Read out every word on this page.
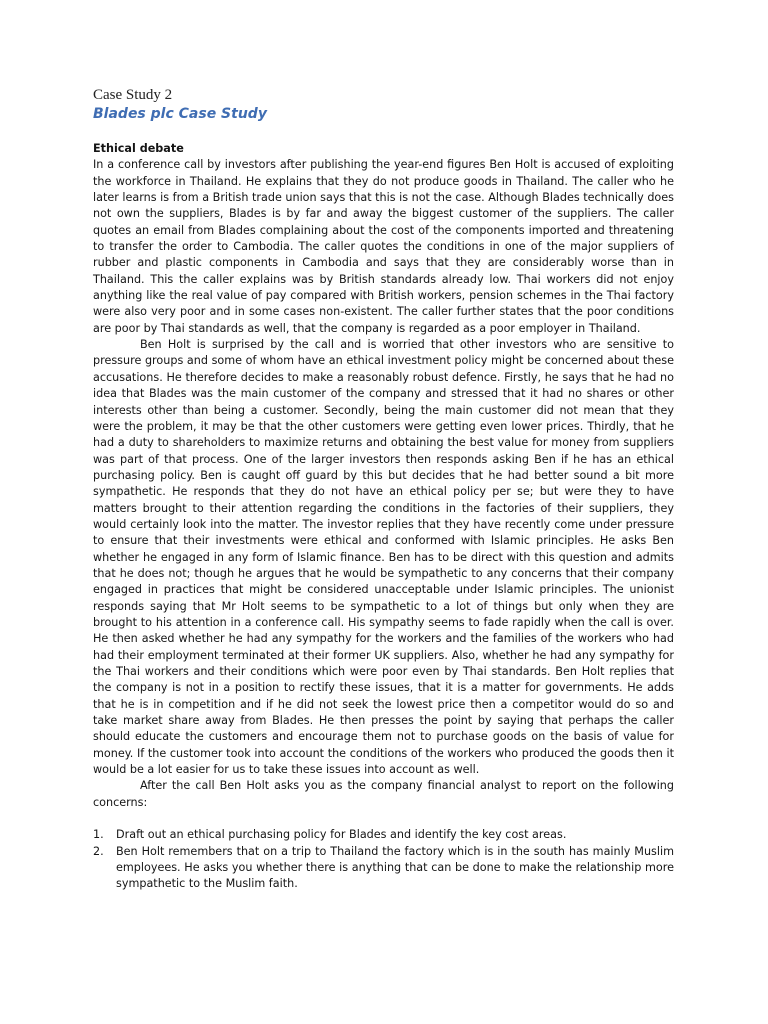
Case Study 2

Blades plc Case Study

Ethical debate

In a conference call by investors after publishing the year-end figures Ben Holt is accused of exploiting the workforce in Thailand. He explains that they do not produce goods in Thailand. The caller who he later learns is from a British trade union says that this is not the case. Although Blades technically does not own the suppliers, Blades is by far and away the biggest customer of the suppliers. The caller quotes an email from Blades complaining about the cost of the components imported and threatening to transfer the order to Cambodia. The caller quotes the conditions in one of the major suppliers of rubber and plastic components in Cambodia and says that they are considerably worse than in Thailand. This the caller explains was by British standards already low. Thai workers did not enjoy anything like the real value of pay compared with British workers, pension schemes in the Thai factory were also very poor and in some cases non-existent. The caller further states that the poor conditions are poor by Thai standards as well, that the company is regarded as a poor employer in Thailand.

Ben Holt is surprised by the call and is worried that other investors who are sensitive to pressure groups and some of whom have an ethical investment policy might be concerned about these accusations. He therefore decides to make a reasonably robust defence. Firstly, he says that he had no idea that Blades was the main customer of the company and stressed that it had no shares or other interests other than being a customer. Secondly, being the main customer did not mean that they were the problem, it may be that the other customers were getting even lower prices. Thirdly, that he had a duty to shareholders to maximize returns and obtaining the best value for money from suppliers was part of that process. One of the larger investors then responds asking Ben if he has an ethical purchasing policy. Ben is caught off guard by this but decides that he had better sound a bit more sympathetic. He responds that they do not have an ethical policy per se; but were they to have matters brought to their attention regarding the conditions in the factories of their suppliers, they would certainly look into the matter. The investor replies that they have recently come under pressure to ensure that their investments were ethical and conformed with Islamic principles. He asks Ben whether he engaged in any form of Islamic finance. Ben has to be direct with this question and admits that he does not; though he argues that he would be sympathetic to any concerns that their company engaged in practices that might be considered unacceptable under Islamic principles. The unionist responds saying that Mr Holt seems to be sympathetic to a lot of things but only when they are brought to his attention in a conference call. His sympathy seems to fade rapidly when the call is over. He then asked whether he had any sympathy for the workers and the families of the workers who had had their employment terminated at their former UK suppliers. Also, whether he had any sympathy for the Thai workers and their conditions which were poor even by Thai standards. Ben Holt replies that the company is not in a position to rectify these issues, that it is a matter for governments. He adds that he is in competition and if he did not seek the lowest price then a competitor would do so and take market share away from Blades. He then presses the point by saying that perhaps the caller should educate the customers and encourage them not to purchase goods on the basis of value for money. If the customer took into account the conditions of the workers who produced the goods then it would be a lot easier for us to take these issues into account as well.

After the call Ben Holt asks you as the company financial analyst to report on the following concerns:

1. Draft out an ethical purchasing policy for Blades and identify the key cost areas.
2. Ben Holt remembers that on a trip to Thailand the factory which is in the south has mainly Muslim employees. He asks you whether there is anything that can be done to make the relationship more sympathetic to the Muslim faith.
